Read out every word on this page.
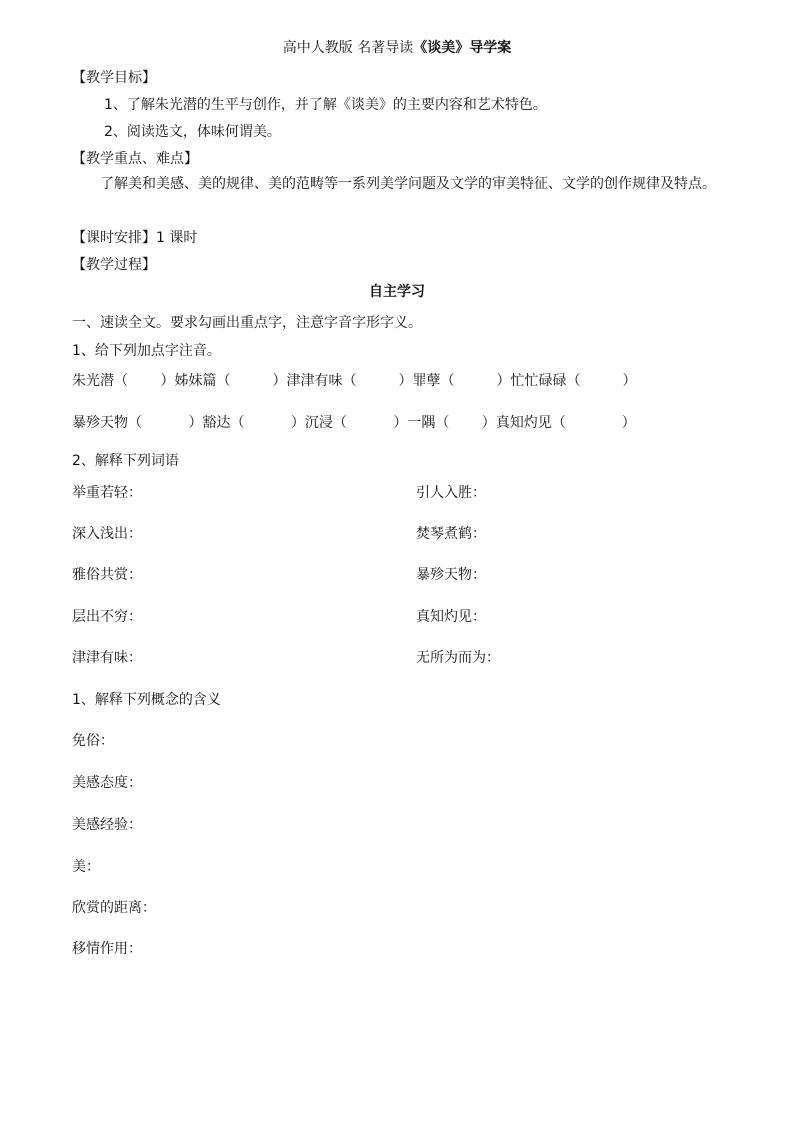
高中人教版 名著导读《谈美》导学案
【教学目标】
1、了解朱光潜的生平与创作，并了解《谈美》的主要内容和艺术特色。
2、阅读选文，体味何谓美。
【教学重点、难点】
了解美和美感、美的规律、美的范畴等一系列美学问题及文学的审美特征、文学的创作规律及特点。
【课时安排】1 课时
【教学过程】
自主学习
一、速读全文。要求勾画出重点字，注意字音字形字义。
1、给下列加点字注音。
朱光潜（　　 ）姊妹篇（　　　）津津有味（　　　）罪孽（　　　）忙忙碌碌（　　　）
暴殄天物（　　　 ）豁达（　　　 ）沉浸（　　　 ）一隅（　　 ）真知灼见（　　　　）
2、解释下列词语
举重若轻：	引人入胜：
深入浅出：	焚琴煮鹤：
雅俗共赏：	暴殄天物：
层出不穷：	真知灼见：
津津有味：	无所为而为：
1、解释下列概念的含义
免俗：
美感态度：
美感经验：
美：
欣赏的距离：
移情作用：
